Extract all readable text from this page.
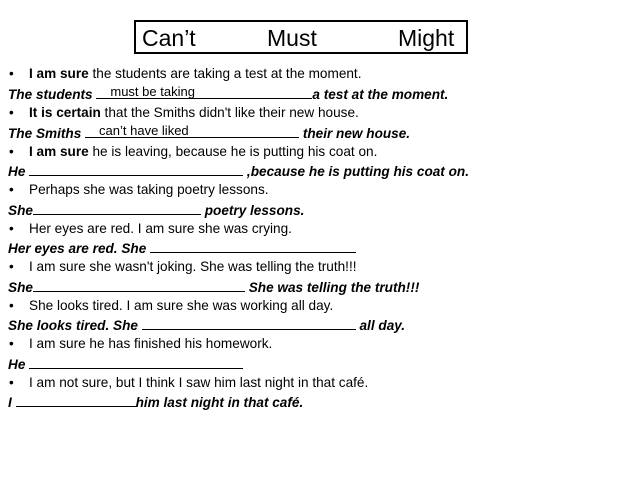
Can’t	Must	Might
• I am sure the students are taking a test at the moment.
The students must be taking	a test at the moment.
• It is certain that the Smiths didn't like their new house.
The Smiths can’t have liked	their new house.
• I am sure he is leaving, because he is putting his coat on.
He	,because he is putting his coat on.
• Perhaps she was taking poetry lessons.
She	poetry lessons.
• Her eyes are red. I am sure she was crying.
Her eyes are red. She
• I am sure she wasn't joking. She was telling the truth!!!
She	She was telling the truth!!!
• She looks tired. I am sure she was working all day.
She looks tired. She	all day.
• I am sure he has finished his homework.
He
• I am not sure, but I think I saw him last night in that café.
I	him last night in that café.
